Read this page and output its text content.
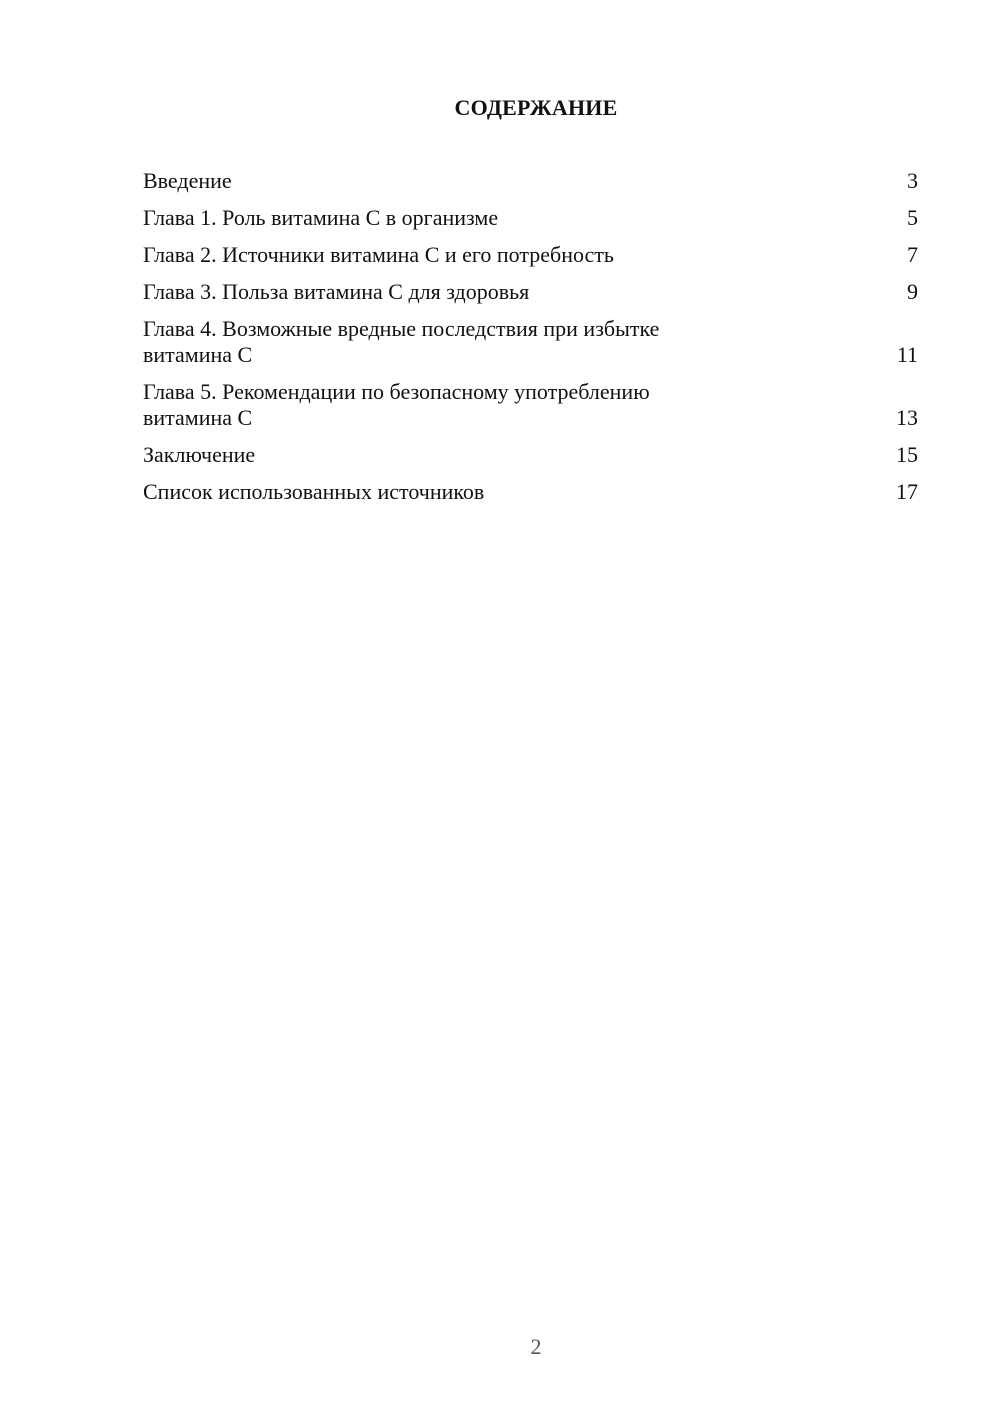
СОДЕРЖАНИЕ
Введение	3
Глава 1. Роль витамина С в организме	5
Глава 2. Источники витамина С и его потребность	7
Глава 3. Польза витамина С для здоровья	9
Глава 4. Возможные вредные последствия при избытке
витамина С	11
Глава 5. Рекомендации по безопасному употреблению
витамина С	13
Заключение	15
Список использованных источников	17
2
